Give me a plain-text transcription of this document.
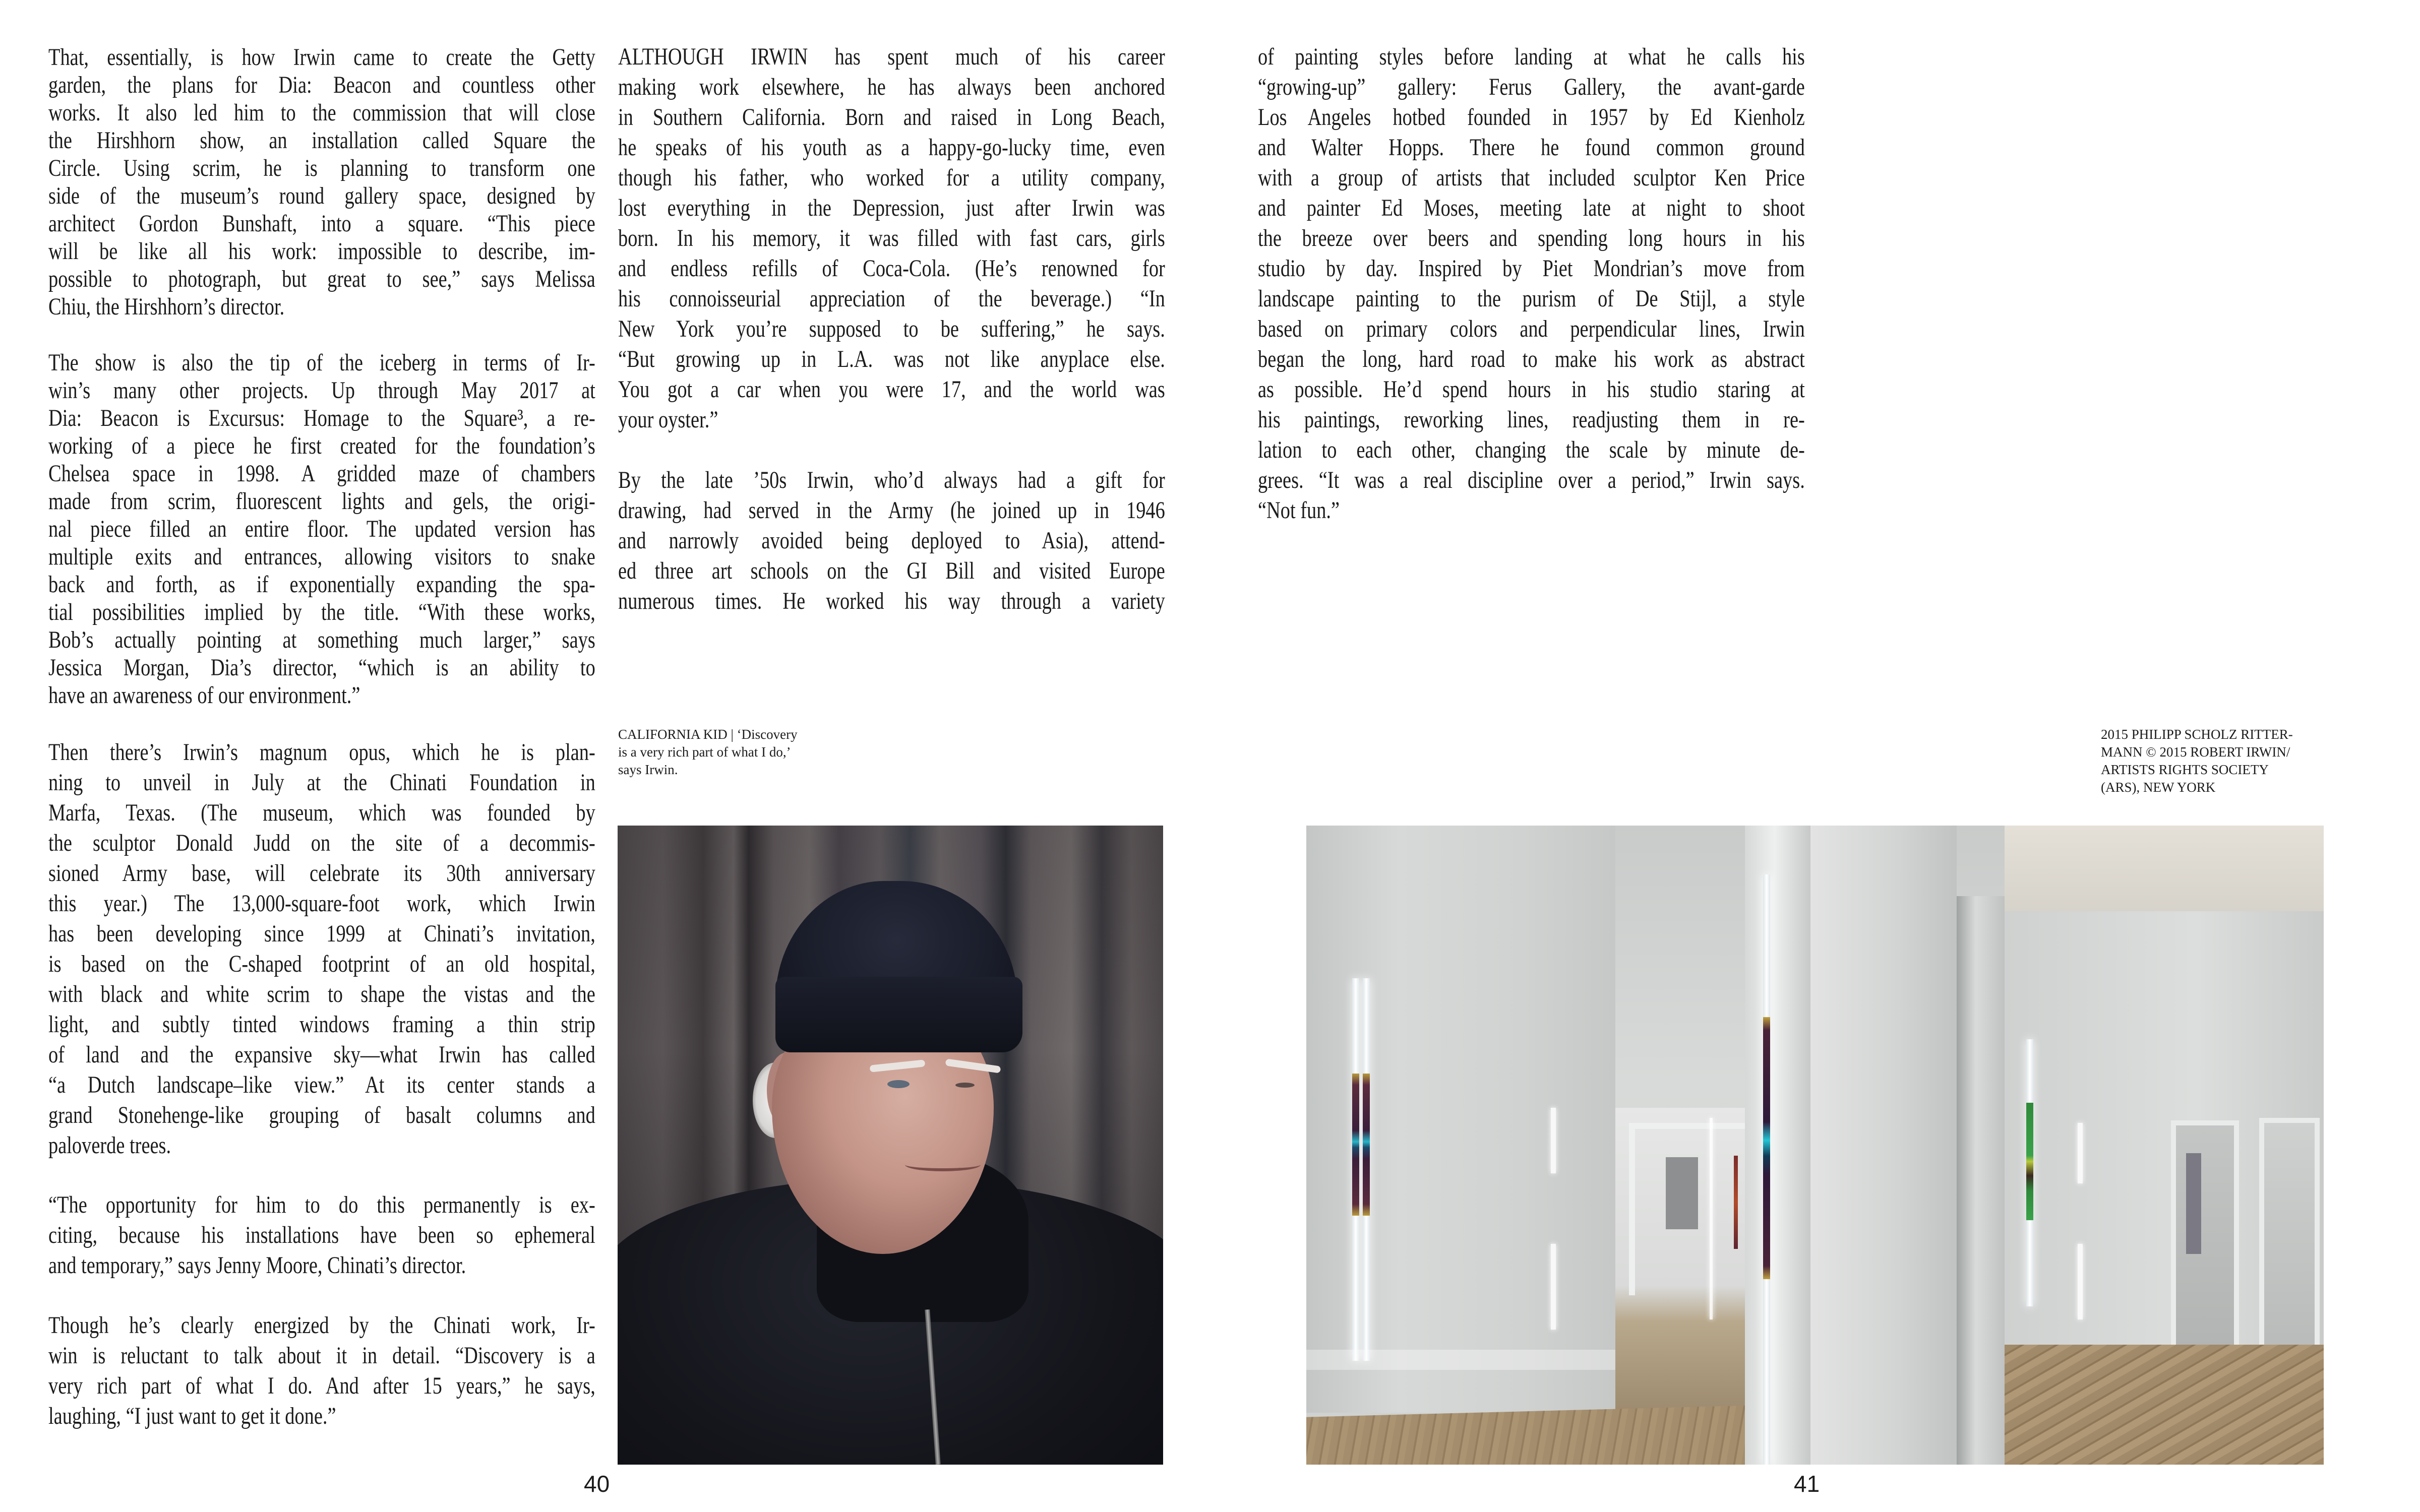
That, essentially, is how Irwin came to create the Getty
garden, the plans for Dia: Beacon and countless other
works. It also led him to the commission that will close
the Hirshhorn show, an installation called Square the
Circle. Using scrim, he is planning to transform one
side of the museum’s round gallery space, designed by
architect Gordon Bunshaft, into a square. “This piece
will be like all his work: impossible to describe, im-
possible to photograph, but great to see,” says Melissa
Chiu, the Hirshhorn’s director.
The show is also the tip of the iceberg in terms of Ir-
win’s many other projects. Up through May 2017 at
Dia: Beacon is Excursus: Homage to the Square³, a re-
working of a piece he first created for the foundation’s
Chelsea space in 1998. A gridded maze of chambers
made from scrim, fluorescent lights and gels, the origi-
nal piece filled an entire floor. The updated version has
multiple exits and entrances, allowing visitors to snake
back and forth, as if exponentially expanding the spa-
tial possibilities implied by the title. “With these works,
Bob’s actually pointing at something much larger,” says
Jessica Morgan, Dia’s director, “which is an ability to
have an awareness of our environment.”
Then there’s Irwin’s magnum opus, which he is plan-
ning to unveil in July at the Chinati Foundation in
Marfa, Texas. (The museum, which was founded by
the sculptor Donald Judd on the site of a decommis-
sioned Army base, will celebrate its 30th anniversary
this year.) The 13,000-square-foot work, which Irwin
has been developing since 1999 at Chinati’s invitation,
is based on the C-shaped footprint of an old hospital,
with black and white scrim to shape the vistas and the
light, and subtly tinted windows framing a thin strip
of land and the expansive sky—what Irwin has called
“a Dutch landscape–like view.” At its center stands a
grand Stonehenge-like grouping of basalt columns and
paloverde trees.
“The opportunity for him to do this permanently is ex-
citing, because his installations have been so ephemeral
and temporary,” says Jenny Moore, Chinati’s director.
Though he’s clearly energized by the Chinati work, Ir-
win is reluctant to talk about it in detail. “Discovery is a
very rich part of what I do. And after 15 years,” he says,
laughing, “I just want to get it done.”
ALTHOUGH IRWIN has spent much of his career
making work elsewhere, he has always been anchored
in Southern California. Born and raised in Long Beach,
he speaks of his youth as a happy-go-lucky time, even
though his father, who worked for a utility company,
lost everything in the Depression, just after Irwin was
born. In his memory, it was filled with fast cars, girls
and endless refills of Coca-Cola. (He’s renowned for
his connoisseurial appreciation of the beverage.) “In
New York you’re supposed to be suffering,” he says.
“But growing up in L.A. was not like anyplace else.
You got a car when you were 17, and the world was
your oyster.”
By the late ’50s Irwin, who’d always had a gift for
drawing, had served in the Army (he joined up in 1946
and narrowly avoided being deployed to Asia), attend-
ed three art schools on the GI Bill and visited Europe
numerous times. He worked his way through a variety
CALIFORNIA KID | ‘Discovery
is a very rich part of what I do,’
says Irwin.
40
of painting styles before landing at what he calls his
“growing-up” gallery: Ferus Gallery, the avant-garde
Los Angeles hotbed founded in 1957 by Ed Kienholz
and Walter Hopps. There he found common ground
with a group of artists that included sculptor Ken Price
and painter Ed Moses, meeting late at night to shoot
the breeze over beers and spending long hours in his
studio by day. Inspired by Piet Mondrian’s move from
landscape painting to the purism of De Stijl, a style
based on primary colors and perpendicular lines, Irwin
began the long, hard road to make his work as abstract
as possible. He’d spend hours in his studio staring at
his paintings, reworking lines, readjusting them in re-
lation to each other, changing the scale by minute de-
grees. “It was a real discipline over a period,” Irwin says.
“Not fun.”
2015 PHILIPP SCHOLZ RITTER-
MANN © 2015 ROBERT IRWIN/
ARTISTS RIGHTS SOCIETY
(ARS), NEW YORK
41
